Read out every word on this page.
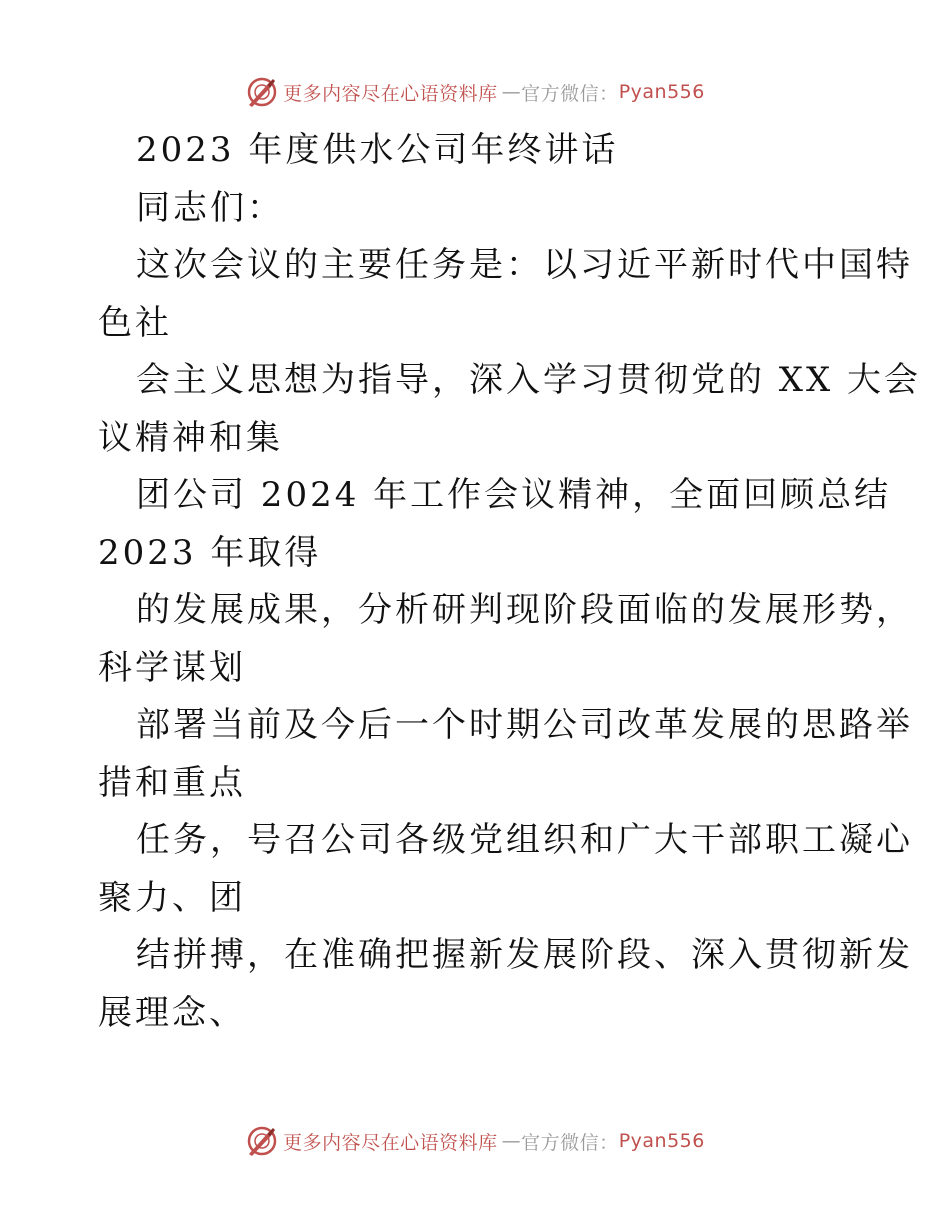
更多内容尽在心语资料库 — 官方微信： Pyan556
2023 年度供水公司年终讲话
同志们：
这次会议的主要任务是：以习近平新时代中国特
色社
会主义思想为指导，深入学习贯彻党的 XX 大会
议精神和集
团公司 2024 年工作会议精神，全面回顾总结
2023 年取得
的发展成果，分析研判现阶段面临的发展形势，
科学谋划
部署当前及今后一个时期公司改革发展的思路举
措和重点
任务，号召公司各级党组织和广大干部职工凝心
聚力、团
结拼搏，在准确把握新发展阶段、深入贯彻新发
展理念、
更多内容尽在心语资料库 — 官方微信： Pyan556
